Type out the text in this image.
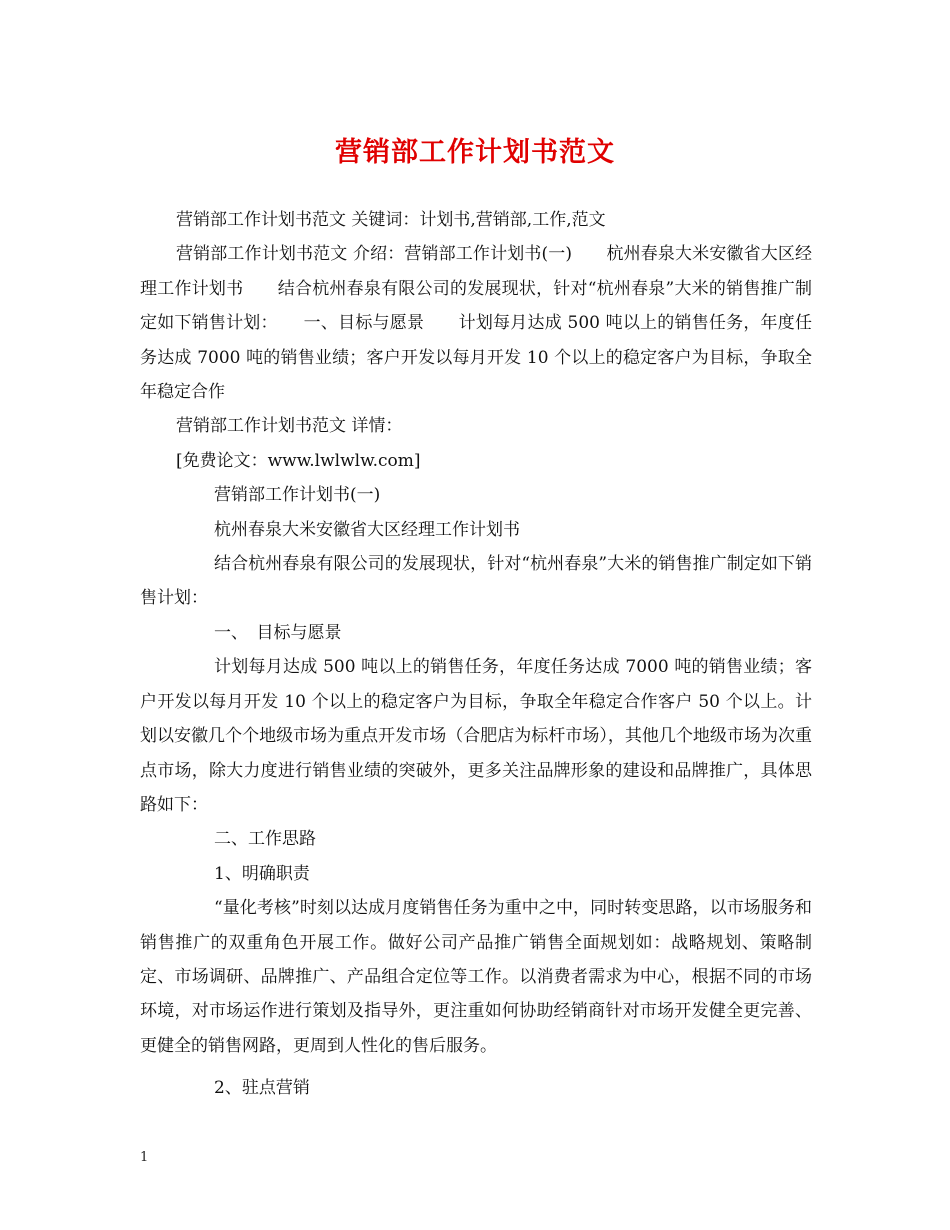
营销部工作计划书范文

营销部工作计划书范文 关键词：计划书,营销部,工作,范文

营销部工作计划书范文 介绍：营销部工作计划书(一)　　杭州春泉大米安徽省大区经理工作计划书　　结合杭州春泉有限公司的发展现状，针对“杭州春泉”大米的销售推广制定如下销售计划：　　一、目标与愿景　　计划每月达成 500 吨以上的销售任务，年度任务达成 7000 吨的销售业绩；客户开发以每月开发 10 个以上的稳定客户为目标，争取全年稳定合作

营销部工作计划书范文 详情：

[免费论文：www.lwlwlw.com]

营销部工作计划书(一)

杭州春泉大米安徽省大区经理工作计划书

结合杭州春泉有限公司的发展现状，针对“杭州春泉”大米的销售推广制定如下销售计划：

一、　目标与愿景

计划每月达成 500 吨以上的销售任务，年度任务达成 7000 吨的销售业绩；客户开发以每月开发 10 个以上的稳定客户为目标，争取全年稳定合作客户 50 个以上。计划以安徽几个个地级市场为重点开发市场（合肥店为标杆市场），其他几个地级市场为次重点市场，除大力度进行销售业绩的突破外，更多关注品牌形象的建设和品牌推广，具体思路如下：

二、工作思路

1、明确职责

“量化考核”时刻以达成月度销售任务为重中之中，同时转变思路，以市场服务和销售推广的双重角色开展工作。做好公司产品推广销售全面规划如：战略规划、策略制定、市场调研、品牌推广、产品组合定位等工作。以消费者需求为中心，根据不同的市场环境，对市场运作进行策划及指导外，更注重如何协助经销商针对市场开发健全更完善、更健全的销售网路，更周到人性化的售后服务。

2、驻点营销

1
